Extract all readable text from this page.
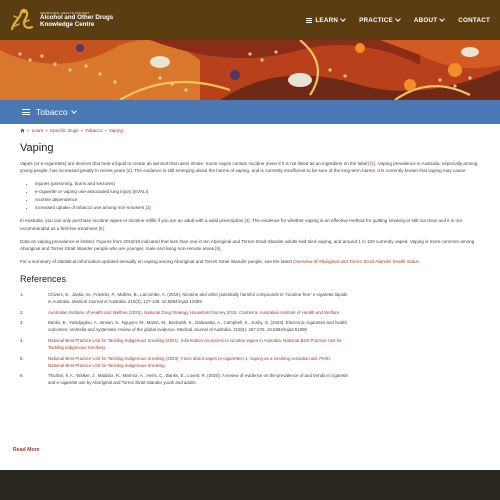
ABORIGINAL HEALTH INFONET
Alcohol and Other Drugs
Knowledge Centre
LEARN	PRACTICE	ABOUT	CONTACT
Tobacco
» Learn » Specific drugs » Tobacco » Vaping
Vaping

Vapes (or e-cigarettes) are devices that heat a liquid to create an aerosol that users inhale. Some vapes contain nicotine (even if it is not listed as an ingredient on the label) [1]. Vaping prevalence in Australia, especially among young people, has increased greatly in recent years [2]. The evidence is still emerging about the harms of vaping, and is currently insufficient to be sure of the long-term harms. It is currently known that vaping may cause:

• injuries (poisoning, burns and seizures)
• e-cigarette or vaping use-associated lung injury (EVALI)
• nicotine dependence
• increased uptake of tobacco use among non-smokers [3]

In Australia, you can only purchase nicotine vapes or nicotine refills if you are an adult with a valid prescription [4]. The evidence for whether vaping is an effective method for quitting smoking is still not clear and it is not recommended as a first-line treatment [5].

Data on vaping prevalence is limited. Figures from 2018/19 indicated that less than one in ten Aboriginal and Torres Strait Islander adults had tried vaping, and around 1 in 100 currently vaped. Vaping is more common among Aboriginal and Torres Strait Islander people who are younger, male and living non-remote areas [6].

For a summary of statistical information updated annually on vaping among Aboriginal and Torres Strait Islander people, see the latest Overview of Aboriginal and Torres Strait Islander health status.

References
1.	Chivers, E., Janka, M., Franklin, P., Mullins, B., Larcombe, A. (2019). Nicotine and other potentially harmful compounds in “nicotine-free” e-cigarette liquids in Australia. Medical Journal of Australia, 210(3), 127-128. 10.5694/mja2.12059
2.	Australian Institute of Health and Welfare (2020). National Drug Strategy Household Survey 2019. Canberra: Australian Institute of Health and Welfare.
3.	Banks, E., Yazidjoglou, A., Brown, S., Nguyen, M., Martin, M., Beckwith, K., Daluwatta, A., Campbell, S., Joshy, G. (2023). Electronic cigarettes and health outcomes: umbrella and systematic review of the global evidence. Medical Journal of Australia, 218(6), 267-275. 10.5694/mja2.51890
4.	National Best Practice Unit for Tackling Indigenous Smoking (2021). Information on access to nicotine vapes in Australia: National Best Practice Unit for Tackling Indigenous Smoking.
5.	National Best Practice Unit for Tackling Indigenous Smoking (2023). Facts about vapes (e-cigarettes) 1: vaping as a smoking cessation aid. Perth: National Best Practice Unit for Tackling Indigenous Smoking.
6.	Thurber, K.A., Walker, J., Maddox, R., Marmor, A., Heris, C., Banks, E., Lovett, R. (2020). A review of evidence on the prevalence of and trends in cigarette and e-cigarette use by Aboriginal and Torres Strait Islander youth and adults.
Read More
